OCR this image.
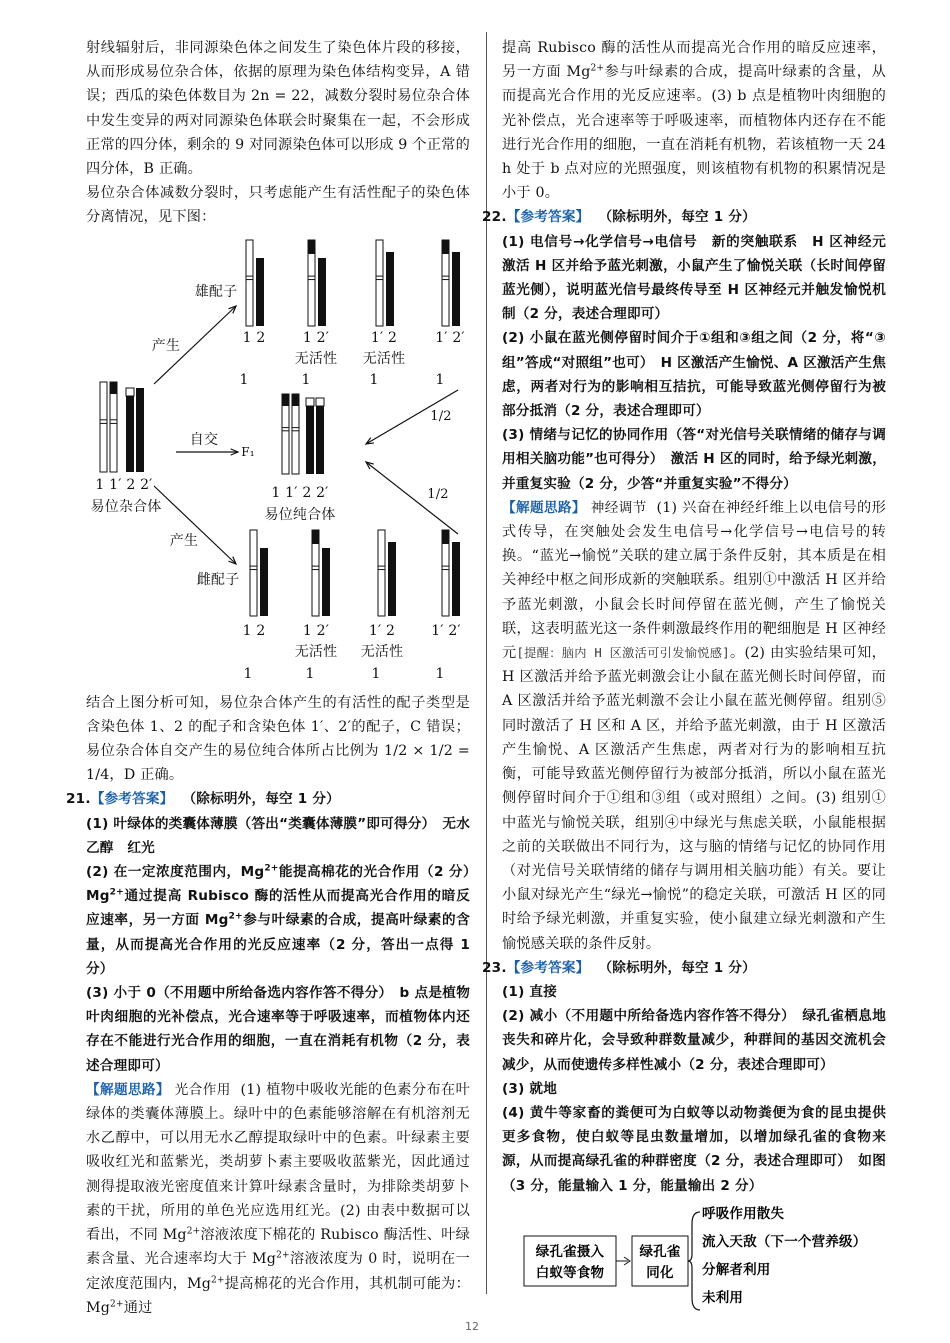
射线辐射后，非同源染色体之间发生了染色体片段的移接，从而形成易位杂合体，依据的原理为染色体结构变异，A 错误；西瓜的染色体数目为 2n = 22，减数分裂时易位杂合体中发生变异的两对同源染色体联会时聚集在一起，不会形成正常的四分体，剩余的 9 对同源染色体可以形成 9 个正常的四分体，B 正确。

易位杂合体减数分裂时，只考虑能产生有活性配子的染色体分离情况，见下图：

雄配子
1 2
1
1 2′
无活性
1
1′ 2
无活性
1
1′ 2′
1
1 1′ 2 2′
易位杂合体
1 1′ 2 2′
易位纯合体
产生
产生
自交
F₁
1/2
1/2
雌配子
1 2
1
1 2′
无活性
1
1′ 2
无活性
1
1′ 2′
1

结合上图分析可知，易位杂合体产生的有活性的配子类型是含染色体 1、2 的配子和含染色体 1′、2′的配子，C 错误；易位杂合体自交产生的易位纯合体所占比例为 1/2 × 1/2 = 1/4，D 正确。

21.【参考答案】 （除标明外，每空 1 分）

(1) 叶绿体的类囊体薄膜（答出“类囊体薄膜”即可得分）　无水乙醇　红光

(2) 在一定浓度范围内，$Mg^{2+}$能提高棉花的光合作用（2 分）　$Mg^{2+}$通过提高 Rubisco 酶的活性从而提高光合作用的暗反应速率，另一方面 $Mg^{2+}$参与叶绿素的合成，提高叶绿素的含量，从而提高光合作用的光反应速率（2 分，答出一点得 1 分）

(3) 小于 0（不用题中所给备选内容作答不得分）　b 点是植物叶肉细胞的光补偿点，光合速率等于呼吸速率，而植物体内还存在不能进行光合作用的细胞，一直在消耗有机物（2 分，表述合理即可）

【解题思路】 光合作用 (1) 植物中吸收光能的色素分布在叶绿体的类囊体薄膜上。绿叶中的色素能够溶解在有机溶剂无水乙醇中，可以用无水乙醇提取绿叶中的色素。叶绿素主要吸收红光和蓝紫光，类胡萝卜素主要吸收蓝紫光，因此通过测得提取液光密度值来计算叶绿素含量时，为排除类胡萝卜素的干扰，所用的单色光应选用红光。(2) 由表中数据可以看出，不同 $Mg^{2+}$溶液浓度下棉花的 Rubisco 酶活性、叶绿素含量、光合速率均大于 $Mg^{2+}$溶液浓度为 0 时，说明在一定浓度范围内，$Mg^{2+}$提高棉花的光合作用，其机制可能为：$Mg^{2+}$通过

提高 Rubisco 酶的活性从而提高光合作用的暗反应速率，另一方面 $Mg^{2+}$参与叶绿素的合成，提高叶绿素的含量，从而提高光合作用的光反应速率。(3) b 点是植物叶肉细胞的光补偿点，光合速率等于呼吸速率，而植物体内还存在不能进行光合作用的细胞，一直在消耗有机物，若该植物一天 24 h 处于 b 点对应的光照强度，则该植物有机物的积累情况是小于 0。

22.【参考答案】 （除标明外，每空 1 分）

(1) 电信号→化学信号→电信号　新的突触联系　H 区神经元　激活 H 区并给予蓝光刺激，小鼠产生了愉悦关联（长时间停留蓝光侧），说明蓝光信号最终传导至 H 区神经元并触发愉悦机制（2 分，表述合理即可）

(2) 小鼠在蓝光侧停留时间介于①组和③组之间（2 分，将“③组”答成“对照组”也可）　H 区激活产生愉悦、A 区激活产生焦虑，两者对行为的影响相互拮抗，可能导致蓝光侧停留行为被部分抵消（2 分，表述合理即可）

(3) 情绪与记忆的协同作用（答“对光信号关联情绪的储存与调用相关脑功能”也可得分）　激活 H 区的同时，给予绿光刺激，并重复实验（2 分，少答“并重复实验”不得分）

【解题思路】 神经调节 (1) 兴奋在神经纤维上以电信号的形式传导，在突触处会发生电信号→化学信号→电信号的转换。“蓝光→愉悦”关联的建立属于条件反射，其本质是在相关神经中枢之间形成新的突触联系。组别①中激活 H 区并给予蓝光刺激，小鼠会长时间停留在蓝光侧，产生了愉悦关联，这表明蓝光这一条件刺激最终作用的靶细胞是 H 区神经元[提醒：脑内 H 区激活可引发愉悦感]。(2) 由实验结果可知，H 区激活并给予蓝光刺激会让小鼠在蓝光侧长时间停留，而 A 区激活并给予蓝光刺激不会让小鼠在蓝光侧停留。组别⑤同时激活了 H 区和 A 区，并给予蓝光刺激，由于 H 区激活产生愉悦、A 区激活产生焦虑，两者对行为的影响相互抗衡，可能导致蓝光侧停留行为被部分抵消，所以小鼠在蓝光侧停留时间介于①组和③组（或对照组）之间。(3) 组别①中蓝光与愉悦关联，组别④中绿光与焦虑关联，小鼠能根据之前的关联做出不同行为，这与脑的情绪与记忆的协同作用（对光信号关联情绪的储存与调用相关脑功能）有关。要让小鼠对绿光产生“绿光→愉悦”的稳定关联，可激活 H 区的同时给予绿光刺激，并重复实验，使小鼠建立绿光刺激和产生愉悦感关联的条件反射。

23.【参考答案】 （除标明外，每空 1 分）

(1) 直接

(2) 减小（不用题中所给备选内容作答不得分）　绿孔雀栖息地丧失和碎片化，会导致种群数量减少，种群间的基因交流机会减少，从而使遗传多样性减小（2 分，表述合理即可）

(3) 就地

(4) 黄牛等家畜的粪便可为白蚁等以动物粪便为食的昆虫提供更多食物，使白蚁等昆虫数量增加，以增加绿孔雀的食物来源，从而提高绿孔雀的种群密度（2 分，表述合理即可）　如图（3 分，能量输入 1 分，能量输出 2 分）

绿孔雀摄入
白蚁等食物
绿孔雀
同化
呼吸作用散失
流入天敌（下一个营养级）
分解者利用
未利用
12
